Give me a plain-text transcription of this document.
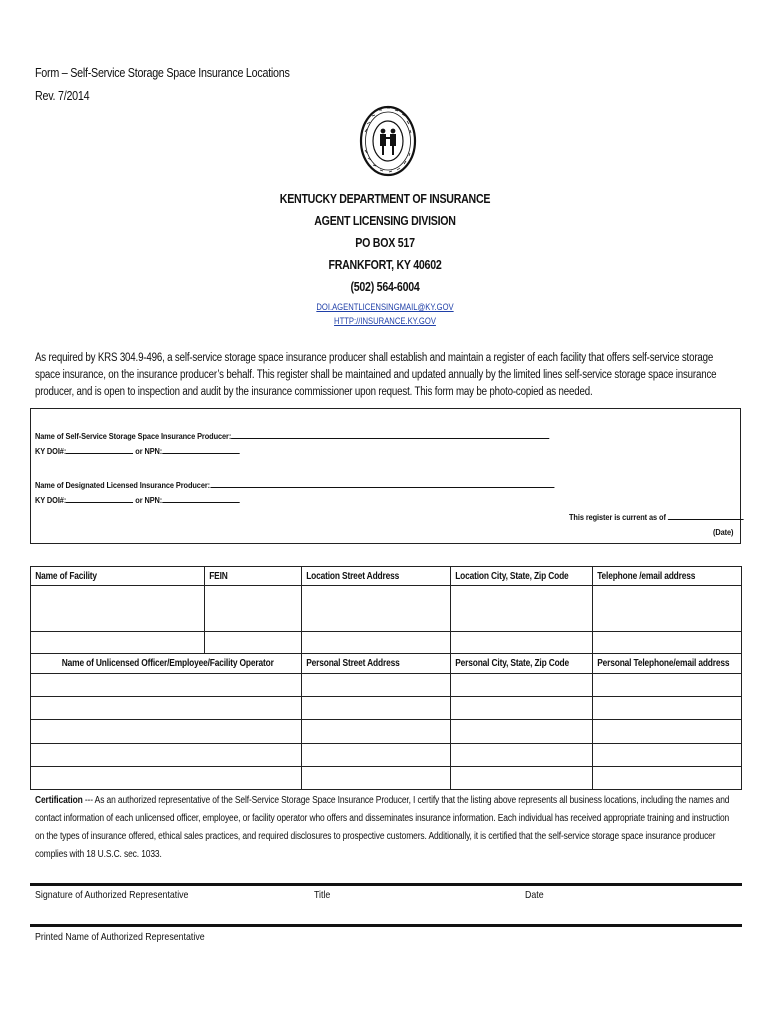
Form – Self-Service Storage Space Insurance Locations
Rev. 7/2014
KENTUCKY DEPARTMENT OF INSURANCE
AGENT LICENSING DIVISION
PO BOX 517
FRANKFORT, KY 40602
(502) 564-6004
DOI.AGENTLICENSINGMAIL@KY.GOV
HTTP://INSURANCE.KY.GOV
As required by KRS 304.9-496, a self-service storage space insurance producer shall establish and maintain a register of each facility that offers self-service storage space insurance, on the insurance producer’s behalf. This register shall be maintained and updated annually by the limited lines self-service storage space insurance producer, and is open to inspection and audit by the insurance commissioner upon request. This form may be photo-copied as needed.
Name of Self-Service Storage Space Insurance Producer:
KY DOI#:	or NPN:
Name of Designated Licensed Insurance Producer:
KY DOI#:	or NPN:
This register is current as of
(Date)
Name of Facility	FEIN	Location Street Address	Location City, State, Zip Code	Telephone /email address

Name of Unlicensed Officer/Employee/Facility Operator		Personal Street Address	Personal City, State, Zip Code	Personal Telephone/email address

Certification --- As an authorized representative of the Self-Service Storage Space Insurance Producer, I certify that the listing above represents all business locations, including the names and contact information of each unlicensed officer, employee, or facility operator who offers and disseminates insurance information. Each individual has received appropriate training and instruction on the types of insurance offered, ethical sales practices, and required disclosures to prospective customers. Additionally, it is certified that the self-service storage space insurance producer complies with 18 U.S.C. sec. 1033.
Signature of Authorized Representative	Title	Date
Printed Name of Authorized Representative
